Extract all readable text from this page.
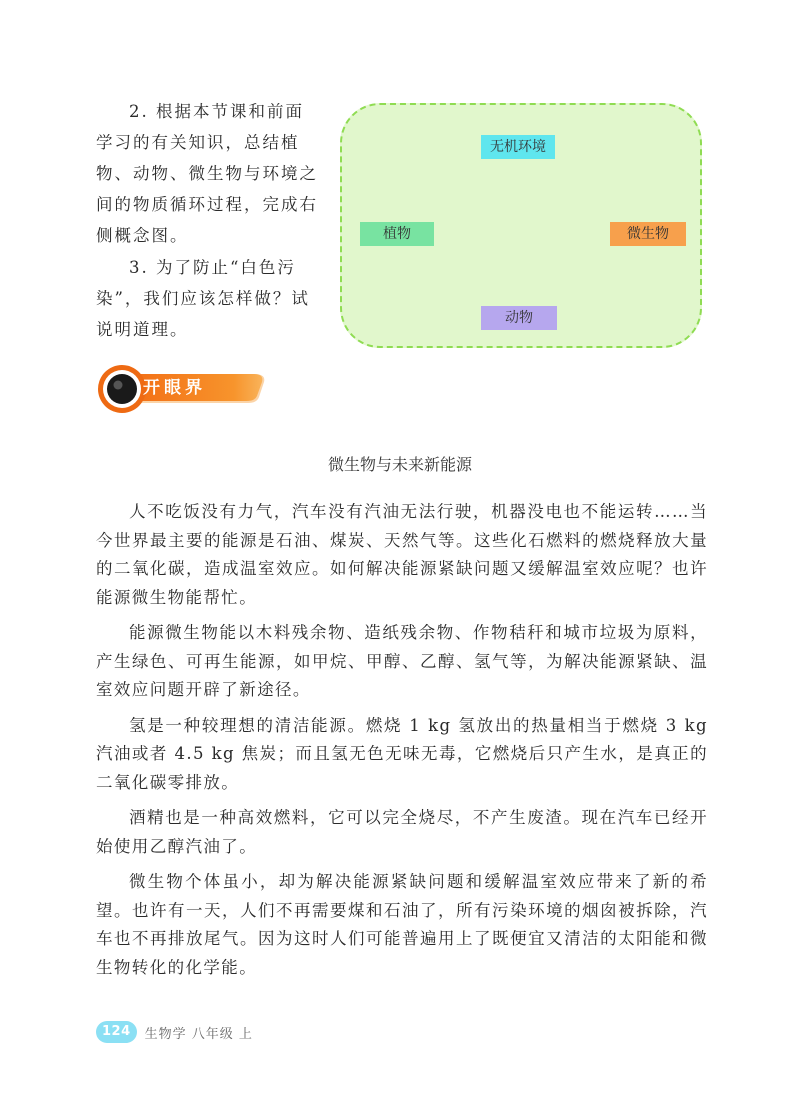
2. 根据本节课和前面学习的有关知识，总结植物、动物、微生物与环境之间的物质循环过程，完成右侧概念图。

3. 为了防止“白色污染”，我们应该怎样做？试说明道理。

无机环境
植物	微生物
动物
开眼界
微生物与未来新能源

人不吃饭没有力气，汽车没有汽油无法行驶，机器没电也不能运转……当今世界最主要的能源是石油、煤炭、天然气等。这些化石燃料的燃烧释放大量的二氧化碳，造成温室效应。如何解决能源紧缺问题又缓解温室效应呢？也许能源微生物能帮忙。

能源微生物能以木料残余物、造纸残余物、作物秸秆和城市垃圾为原料，产生绿色、可再生能源，如甲烷、甲醇、乙醇、氢气等，为解决能源紧缺、温室效应问题开辟了新途径。

氢是一种较理想的清洁能源。燃烧 1 kg 氢放出的热量相当于燃烧 3 kg 汽油或者 4.5 kg 焦炭；而且氢无色无味无毒，它燃烧后只产生水，是真正的二氧化碳零排放。

酒精也是一种高效燃料，它可以完全烧尽，不产生废渣。现在汽车已经开始使用乙醇汽油了。

微生物个体虽小，却为解决能源紧缺问题和缓解温室效应带来了新的希望。也许有一天，人们不再需要煤和石油了，所有污染环境的烟囱被拆除，汽车也不再排放尾气。因为这时人们可能普遍用上了既便宜又清洁的太阳能和微生物转化的化学能。

124	生物学 八年级 上
